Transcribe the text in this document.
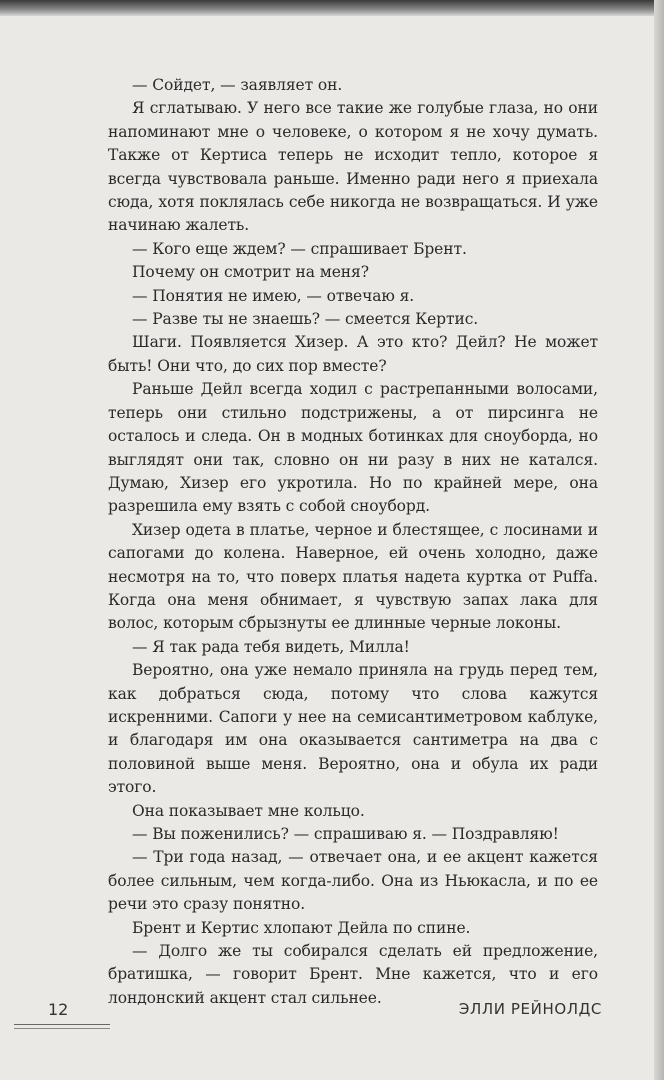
— Сойдет, — заявляет он.

Я сглатываю. У него все такие же голубые глаза, но они напоминают мне о человеке, о котором я не хочу думать. Также от Кертиса теперь не исходит тепло, которое я всегда чувствовала раньше. Именно ради него я приехала сюда, хотя поклялась себе никогда не возвращаться. И уже начинаю жалеть.

— Кого еще ждем? — спрашивает Брент.

Почему он смотрит на меня?

— Понятия не имею, — отвечаю я.

— Разве ты не знаешь? — смеется Кертис.

Шаги. Появляется Хизер. А это кто? Дейл? Не может быть! Они что, до сих пор вместе?

Раньше Дейл всегда ходил с растрепанными волосами, теперь они стильно подстрижены, а от пирсинга не осталось и следа. Он в модных ботинках для сноуборда, но выглядят они так, словно он ни разу в них не катался. Думаю, Хизер его укротила. Но по крайней мере, она разрешила ему взять с собой сноуборд.

Хизер одета в платье, черное и блестящее, с лосинами и сапогами до колена. Наверное, ей очень холодно, даже несмотря на то, что поверх платья надета куртка от Puffa. Когда она меня обнимает, я чувствую запах лака для волос, которым сбрызнуты ее длинные черные локоны.

— Я так рада тебя видеть, Милла!

Вероятно, она уже немало приняла на грудь перед тем, как добраться сюда, потому что слова кажутся искренними. Сапоги у нее на семисантиметровом каблуке, и благодаря им она оказывается сантиметра на два с половиной выше меня. Вероятно, она и обула их ради этого.

Она показывает мне кольцо.

— Вы поженились? — спрашиваю я. — Поздравляю!

— Три года назад, — отвечает она, и ее акцент кажется более сильным, чем когда-либо. Она из Ньюкасла, и по ее речи это сразу понятно.

Брент и Кертис хлопают Дейла по спине.

— Долго же ты собирался сделать ей предложение, братишка, — говорит Брент. Мне кажется, что и его лондонский акцент стал сильнее.

12	ЭЛЛИ РЕЙНОЛДС
